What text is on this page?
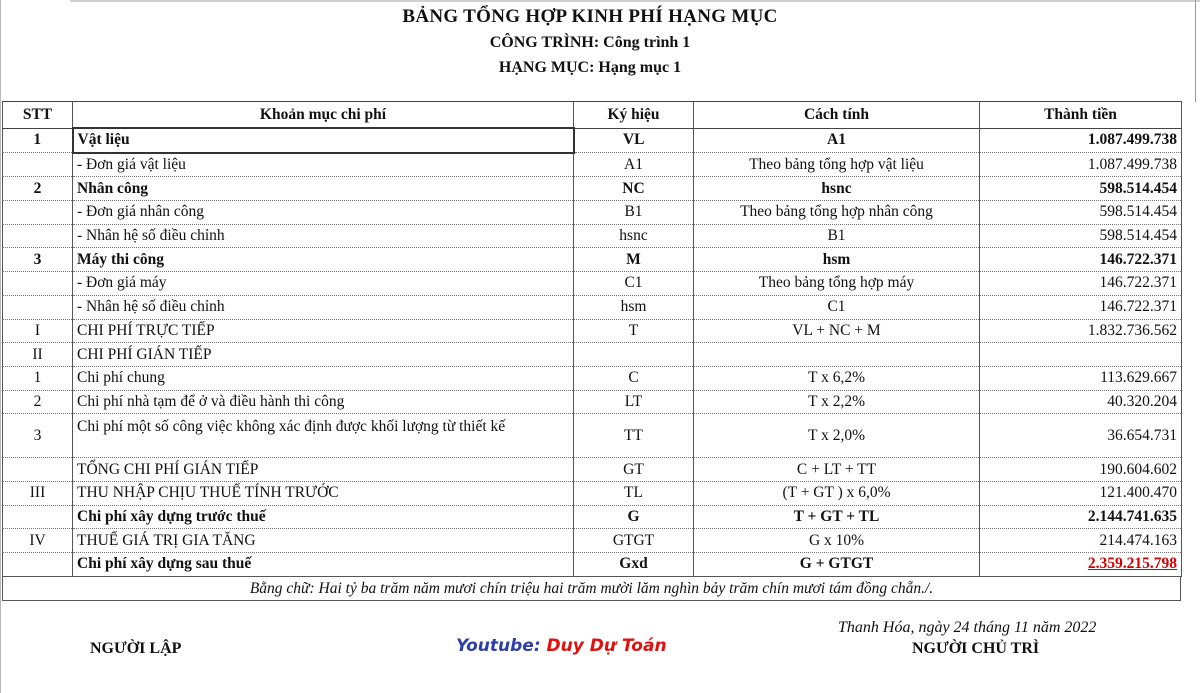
BẢNG TỔNG HỢP KINH PHÍ HẠNG MỤC
CÔNG TRÌNH: Công trình 1
HẠNG MỤC: Hạng mục 1
STT	Khoản mục chi phí	Ký hiệu	Cách tính	Thành tiền
1	Vật liệu	VL	A1	1.087.499.738
	- Đơn giá vật liệu	A1	Theo bảng tổng hợp vật liệu	1.087.499.738
2	Nhân công	NC	hsnc	598.514.454
	- Đơn giá nhân công	B1	Theo bảng tổng hợp nhân công	598.514.454
	- Nhân hệ số điều chỉnh	hsnc	B1	598.514.454
3	Máy thi công	M	hsm	146.722.371
	- Đơn giá máy	C1	Theo bảng tổng hợp máy	146.722.371
	- Nhân hệ số điều chỉnh	hsm	C1	146.722.371
I	CHI PHÍ TRỰC TIẾP	T	VL + NC + M	1.832.736.562
II	CHI PHÍ GIÁN TIẾP			
1	Chi phí chung	C	T x 6,2%	113.629.667
2	Chi phí nhà tạm để ở và điều hành thi công	LT	T x 2,2%	40.320.204
3	Chi phí một số công việc không xác định được khối lượng từ thiết kế	TT	T x 2,0%	36.654.731
	TỔNG CHI PHÍ GIÁN TIẾP	GT	C + LT + TT	190.604.602
III	THU NHẬP CHỊU THUẾ TÍNH TRƯỚC	TL	(T + GT ) x 6,0%	121.400.470
	Chi phí xây dựng trước thuế	G	T + GT + TL	2.144.741.635
IV	THUẾ GIÁ TRỊ GIA TĂNG	GTGT	G x 10%	214.474.163
	Chi phí xây dựng sau thuế	Gxd	G + GTGT	2.359.215.798
Bằng chữ: Hai tỷ ba trăm năm mươi chín triệu hai trăm mười lăm nghìn bảy trăm chín mươi tám đồng chẵn./.
Thanh Hóa, ngày 24 tháng 11 năm 2022
NGƯỜI LẬP	Youtube: Duy Dự Toán	NGƯỜI CHỦ TRÌ
